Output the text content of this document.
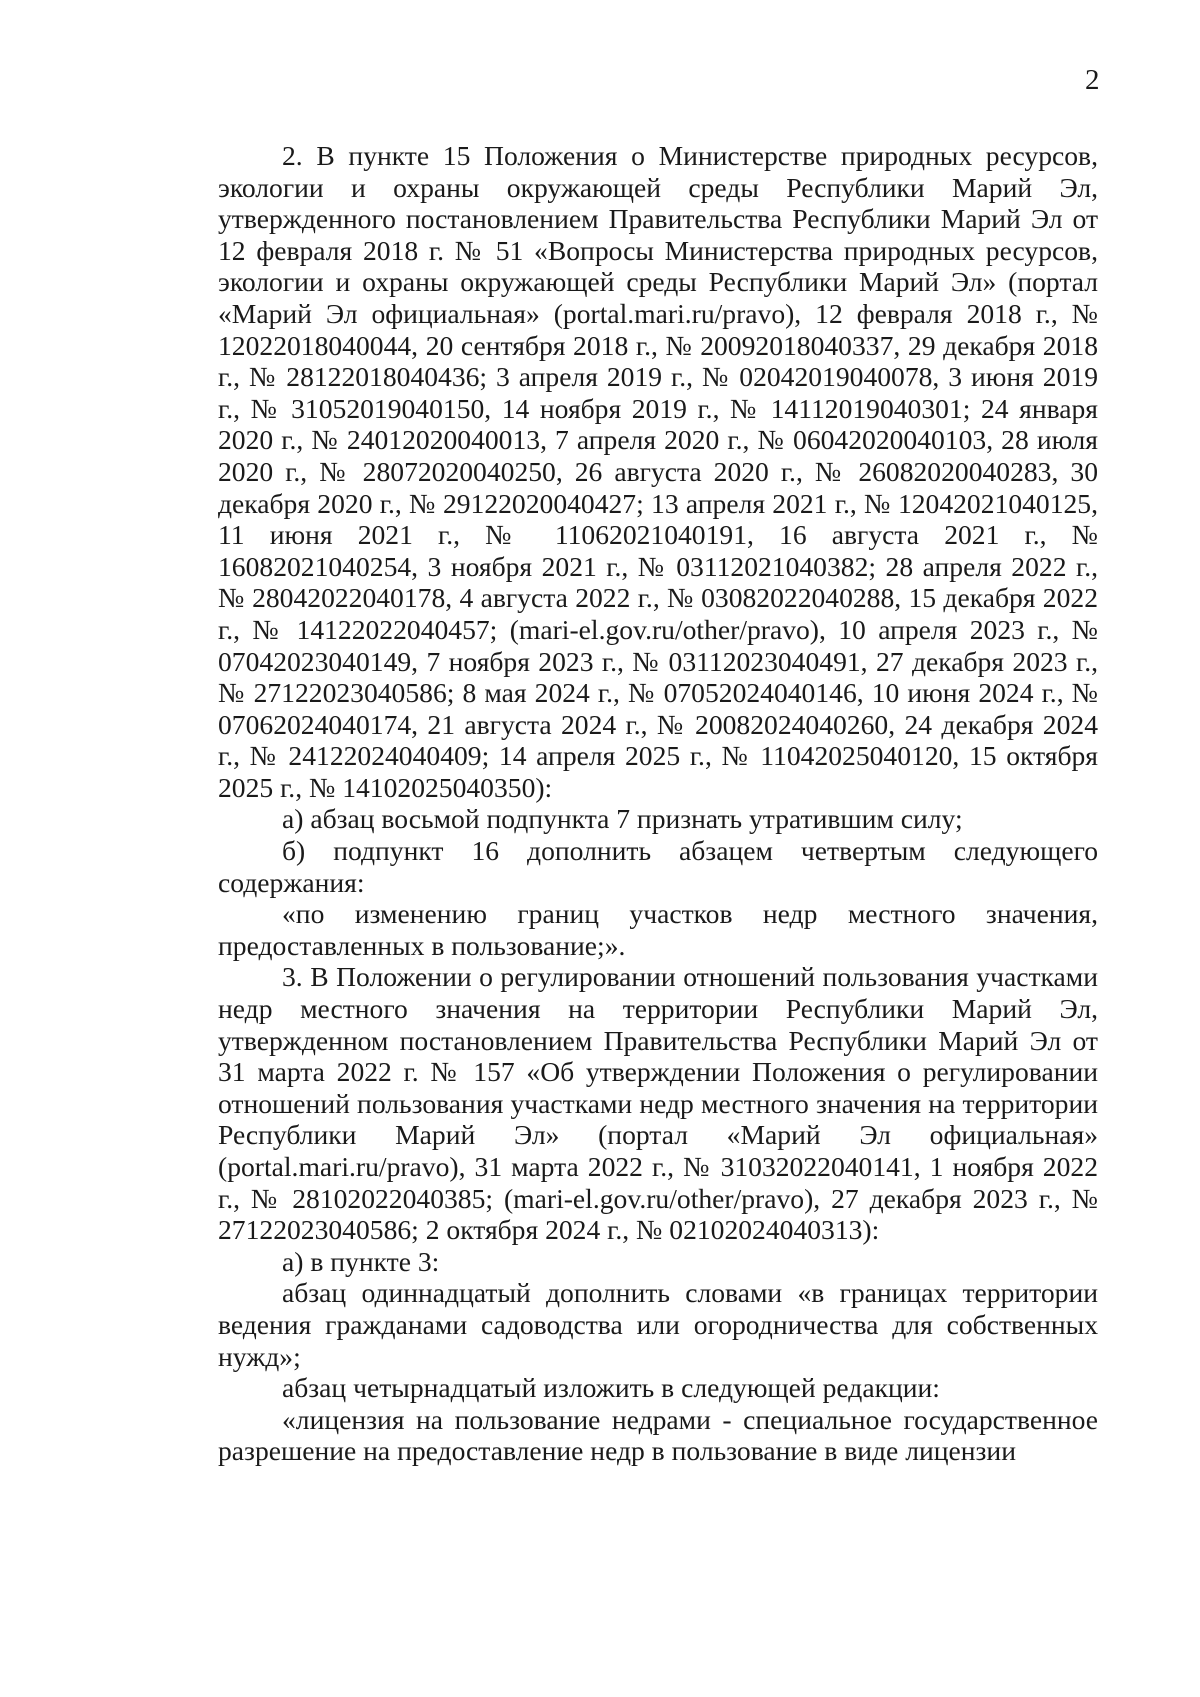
2

2. В пункте 15 Положения о Министерстве природных ресурсов, экологии и охраны окружающей среды Республики Марий Эл, утвержденного постановлением Правительства Республики Марий Эл от 12 февраля 2018 г. № 51 «Вопросы Министерства природных ресурсов, экологии и охраны окружающей среды Республики Марий Эл» (портал «Марий Эл официальная» (portal.mari.ru/pravo), 12 февраля 2018 г., № 12022018040044, 20 сентября 2018 г., № 20092018040337, 29 декабря 2018 г., № 28122018040436; 3 апреля 2019 г., № 02042019040078, 3 июня 2019 г., № 31052019040150, 14 ноября 2019 г., № 14112019040301; 24 января 2020 г., № 24012020040013, 7 апреля 2020 г., № 06042020040103, 28 июля 2020 г., № 28072020040250, 26 августа 2020 г., № 26082020040283, 30 декабря 2020 г., № 29122020040427; 13 апреля 2021 г., № 12042021040125, 11 июня 2021 г., № 11062021040191, 16 августа 2021 г., № 16082021040254, 3 ноября 2021 г., № 03112021040382; 28 апреля 2022 г., № 28042022040178, 4 августа 2022 г., № 03082022040288, 15 декабря 2022 г., № 14122022040457; (mari-el.gov.ru/other/pravo), 10 апреля 2023 г., № 07042023040149, 7 ноября 2023 г., № 03112023040491, 27 декабря 2023 г., № 27122023040586; 8 мая 2024 г., № 07052024040146, 10 июня 2024 г., № 07062024040174, 21 августа 2024 г., № 20082024040260, 24 декабря 2024 г., № 24122024040409; 14 апреля 2025 г., № 11042025040120, 15 октября 2025 г., № 14102025040350):

а) абзац восьмой подпункта 7 признать утратившим силу;

б) подпункт 16 дополнить абзацем четвертым следующего содержания:

«по изменению границ участков недр местного значения, предоставленных в пользование;».

3. В Положении о регулировании отношений пользования участками недр местного значения на территории Республики Марий Эл, утвержденном постановлением Правительства Республики Марий Эл от 31 марта 2022 г. № 157 «Об утверждении Положения о регулировании отношений пользования участками недр местного значения на территории Республики Марий Эл» (портал «Марий Эл официальная» (portal.mari.ru/pravo), 31 марта 2022 г., № 31032022040141, 1 ноября 2022 г., № 28102022040385; (mari-el.gov.ru/other/pravo), 27 декабря 2023 г., № 27122023040586; 2 октября 2024 г., № 02102024040313):

а) в пункте 3:

абзац одиннадцатый дополнить словами «в границах территории ведения гражданами садоводства или огородничества для собственных нужд»;

абзац четырнадцатый изложить в следующей редакции:

«лицензия на пользование недрами - специальное государственное разрешение на предоставление недр в пользование в виде лицензии
